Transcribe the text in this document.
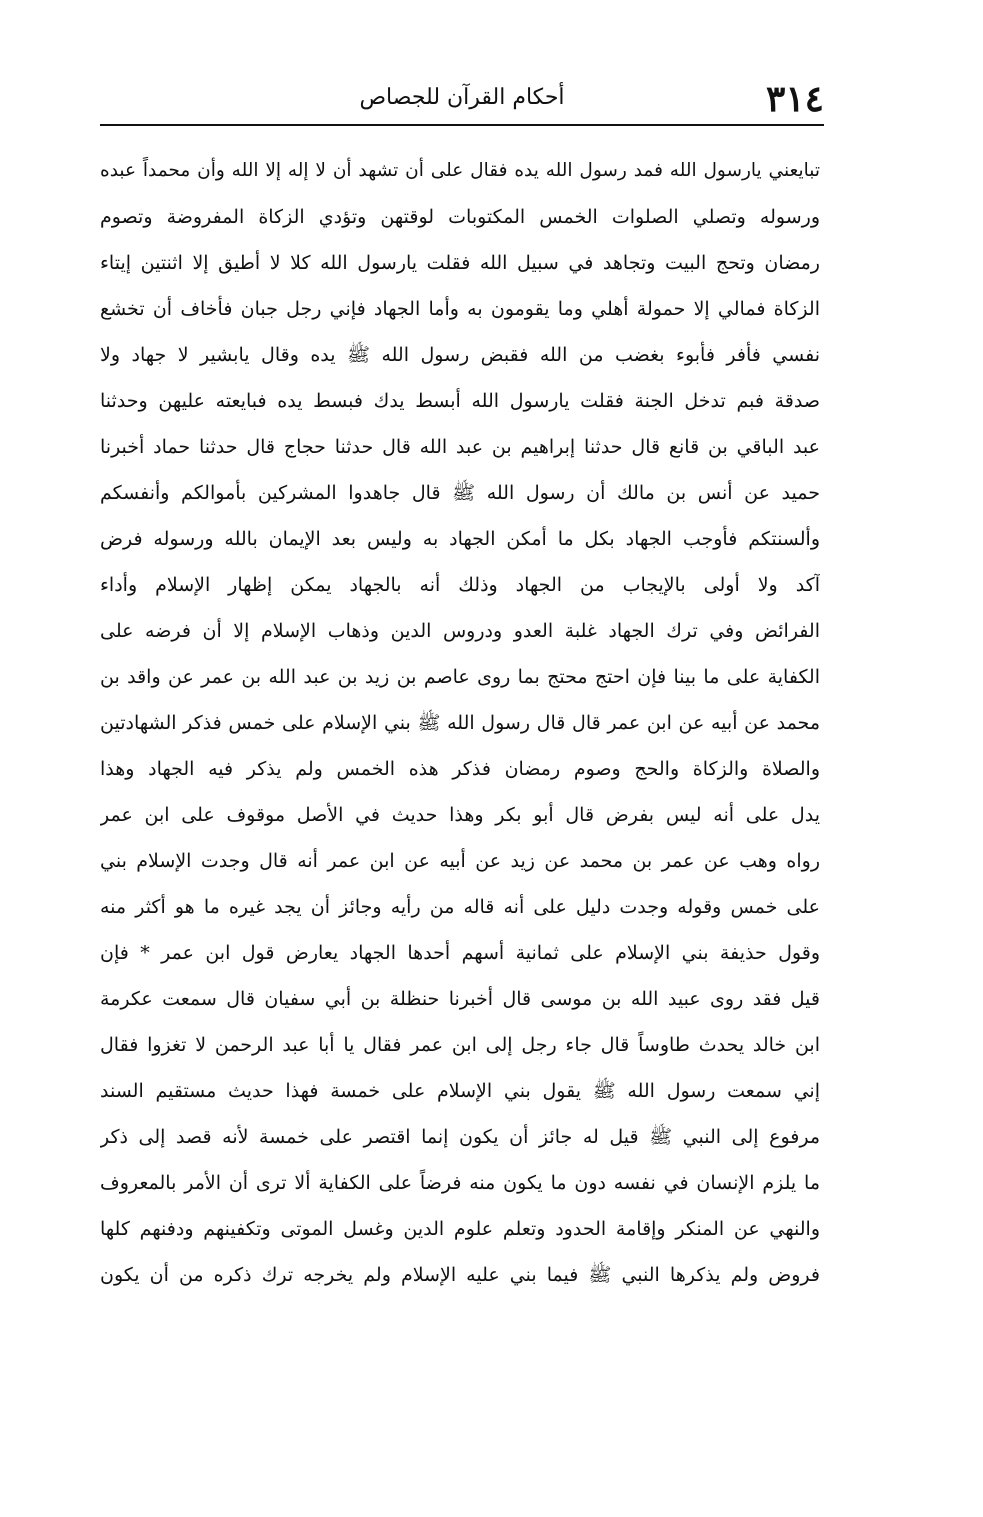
٣١٤
أحكام القرآن للجصاص
تبايعني يارسول الله فمد رسول الله يده فقال على أن تشهد أن لا إله إلا الله وأن محمداً عبده
ورسوله وتصلي الصلوات الخمس المكتوبات لوقتهن وتؤدي الزكاة المفروضة وتصوم
رمضان وتحج البيت وتجاهد في سبيل الله فقلت يارسول الله كلا لا أطيق إلا اثنتين إيتاء
الزكاة فمالي إلا حمولة أهلي وما يقومون به وأما الجهاد فإني رجل جبان فأخاف أن تخشع
نفسي فأفر فأبوء بغضب من الله فقبض رسول الله ﷺ يده وقال يابشير لا جهاد ولا
صدقة فبم تدخل الجنة فقلت يارسول الله أبسط يدك فبسط يده فبايعته عليهن وحدثنا
عبد الباقي بن قانع قال حدثنا إبراهيم بن عبد الله قال حدثنا حجاج قال حدثنا حماد أخبرنا
حميد عن أنس بن مالك أن رسول الله ﷺ قال جاهدوا المشركين بأموالكم وأنفسكم
وألسنتكم فأوجب الجهاد بكل ما أمكن الجهاد به وليس بعد الإيمان بالله ورسوله فرض
آكد ولا أولى بالإيجاب من الجهاد وذلك أنه بالجهاد يمكن إظهار الإسلام وأداء
الفرائض وفي ترك الجهاد غلبة العدو ودروس الدين وذهاب الإسلام إلا أن فرضه على
الكفاية على ما بينا فإن احتج محتج بما روى عاصم بن زيد بن عبد الله بن عمر عن واقد بن
محمد عن أبيه عن ابن عمر قال قال رسول الله ﷺ بني الإسلام على خمس فذكر الشهادتين
والصلاة والزكاة والحج وصوم رمضان فذكر هذه الخمس ولم يذكر فيه الجهاد وهذا
يدل على أنه ليس بفرض قال أبو بكر وهذا حديث في الأصل موقوف على ابن عمر
رواه وهب عن عمر بن محمد عن زيد عن أبيه عن ابن عمر أنه قال وجدت الإسلام بني
على خمس وقوله وجدت دليل على أنه قاله من رأيه وجائز أن يجد غيره ما هو أكثر منه
وقول حذيفة بني الإسلام على ثمانية أسهم أحدها الجهاد يعارض قول ابن عمر * فإن
قيل فقد روى عبيد الله بن موسى قال أخبرنا حنظلة بن أبي سفيان قال سمعت عكرمة
ابن خالد يحدث طاوساً قال جاء رجل إلى ابن عمر فقال يا أبا عبد الرحمن لا تغزوا فقال
إني سمعت رسول الله ﷺ يقول بني الإسلام على خمسة فهذا حديث مستقيم السند
مرفوع إلى النبي ﷺ قيل له جائز أن يكون إنما اقتصر على خمسة لأنه قصد إلى ذكر
ما يلزم الإنسان في نفسه دون ما يكون منه فرضاً على الكفاية ألا ترى أن الأمر بالمعروف
والنهي عن المنكر وإقامة الحدود وتعلم علوم الدين وغسل الموتى وتكفينهم ودفنهم كلها
فروض ولم يذكرها النبي ﷺ فيما بني عليه الإسلام ولم يخرجه ترك ذكره من أن يكون
